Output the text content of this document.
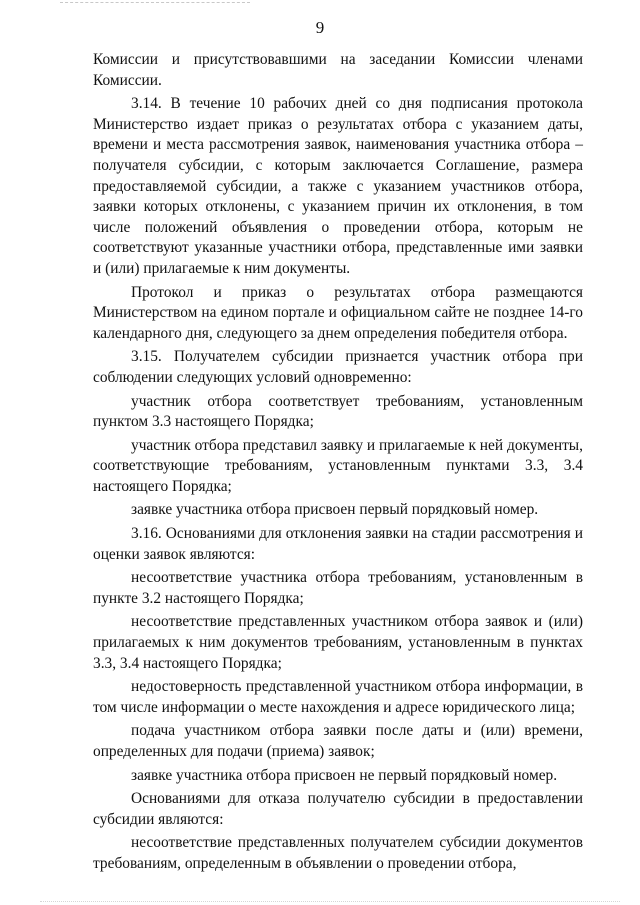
9

Комиссии и присутствовавшими на заседании Комиссии членами Комиссии.

3.14. В течение 10 рабочих дней со дня подписания протокола Министерство издает приказ о результатах отбора с указанием даты, времени и места рассмотрения заявок, наименования участника отбора – получателя субсидии, с которым заключается Соглашение, размера предоставляемой субсидии, а также с указанием участников отбора, заявки которых отклонены, с указанием причин их отклонения, в том числе положений объявления о проведении отбора, которым не соответствуют указанные участники отбора, представленные ими заявки и (или) прилагаемые к ним документы.

Протокол и приказ о результатах отбора размещаются Министерством на едином портале и официальном сайте не позднее 14-го календарного дня, следующего за днем определения победителя отбора.

3.15. Получателем субсидии признается участник отбора при соблюдении следующих условий одновременно:

участник отбора соответствует требованиям, установленным пунктом 3.3 настоящего Порядка;

участник отбора представил заявку и прилагаемые к ней документы, соответствующие требованиям, установленным пунктами 3.3, 3.4 настоящего Порядка;

заявке участника отбора присвоен первый порядковый номер.

3.16. Основаниями для отклонения заявки на стадии рассмотрения и оценки заявок являются:

несоответствие участника отбора требованиям, установленным в пункте 3.2 настоящего Порядка;

несоответствие представленных участником отбора заявок и (или) прилагаемых к ним документов требованиям, установленным в пунктах 3.3, 3.4 настоящего Порядка;

недостоверность представленной участником отбора информации, в том числе информации о месте нахождения и адресе юридического лица;

подача участником отбора заявки после даты и (или) времени, определенных для подачи (приема) заявок;

заявке участника отбора присвоен не первый порядковый номер.

Основаниями для отказа получателю субсидии в предоставлении субсидии являются:

несоответствие представленных получателем субсидии документов требованиям, определенным в объявлении о проведении отбора,
